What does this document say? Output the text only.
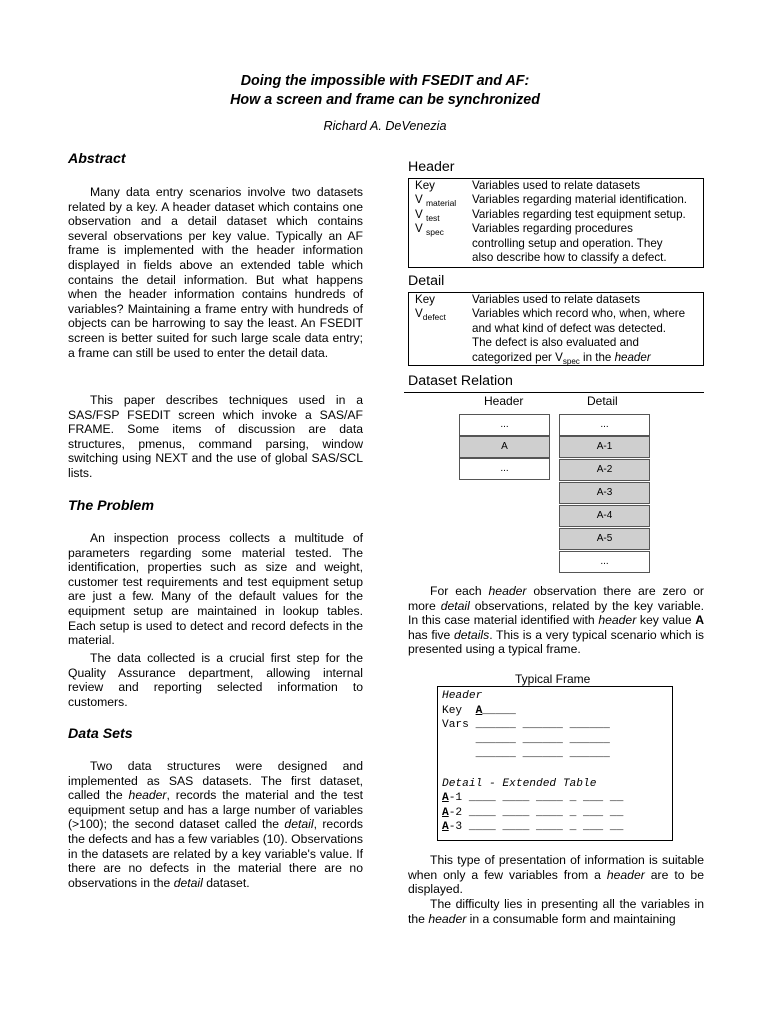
Doing the impossible with FSEDIT and AF:
How a screen and frame can be synchronized
Richard A. DeVenezia
Abstract
Many data entry scenarios involve two datasets related by a key. A header dataset which contains one observation and a detail dataset which contains several observations per key value. Typically an AF frame is implemented with the header information displayed in fields above an extended table which contains the detail information. But what happens when the header information contains hundreds of variables? Maintaining a frame entry with hundreds of objects can be harrowing to say the least. An FSEDIT screen is better suited for such large scale data entry; a frame can still be used to enter the detail data.
This paper describes techniques used in a SAS/FSP FSEDIT screen which invoke a SAS/AF FRAME. Some items of discussion are data structures, pmenus, command parsing, window switching using NEXT and the use of global SAS/SCL lists.
The Problem
An inspection process collects a multitude of parameters regarding some material tested. The identification, properties such as size and weight, customer test requirements and test equipment setup are just a few. Many of the default values for the equipment setup are maintained in lookup tables. Each setup is used to detect and record defects in the material.
The data collected is a crucial first step for the Quality Assurance department, allowing internal review and reporting selected information to customers.
Data Sets
Two data structures were designed and implemented as SAS datasets. The first dataset, called the header, records the material and the test equipment setup and has a large number of variables (>100); the second dataset called the detail, records the defects and has a few variables (10). Observations in the datasets are related by a key variable's value. If there are no defects in the material there are no observations in the detail dataset.
Header
Key	Variables used to relate datasets
V $_{material}$ Variables regarding material identification.
V $_{test}$	Variables regarding test equipment setup.
V $_{spec}$ Variables regarding procedures
controlling setup and operation. They
also describe how to classify a defect.
Detail
Key	Variables used to relate datasets
$V_{defect}$ Variables which record who, when, where
and what kind of defect was detected.
The defect is also evaluated and
categorized per $V_{spec}$ in the header
Dataset Relation
Header	Detail
...
A
...
...
A-1
A-2
A-3
A-4
A-5
...
For each header observation there are zero or more detail observations, related by the key variable. In this case material identified with header key value A has five details. This is a very typical scenario which is presented using a typical frame.
Typical Frame
Header
Key  A_____
Vars ______ ______ ______
______ ______ ______
______ ______ ______

Detail - Extended Table
A-1 ____ ____ ____ _ ___ __
A-2 ____ ____ ____ _ ___ __
A-3 ____ ____ ____ _ ___ __
This type of presentation of information is suitable when only a few variables from a header are to be displayed.
The difficulty lies in presenting all the variables in the header in a consumable form and maintaining
